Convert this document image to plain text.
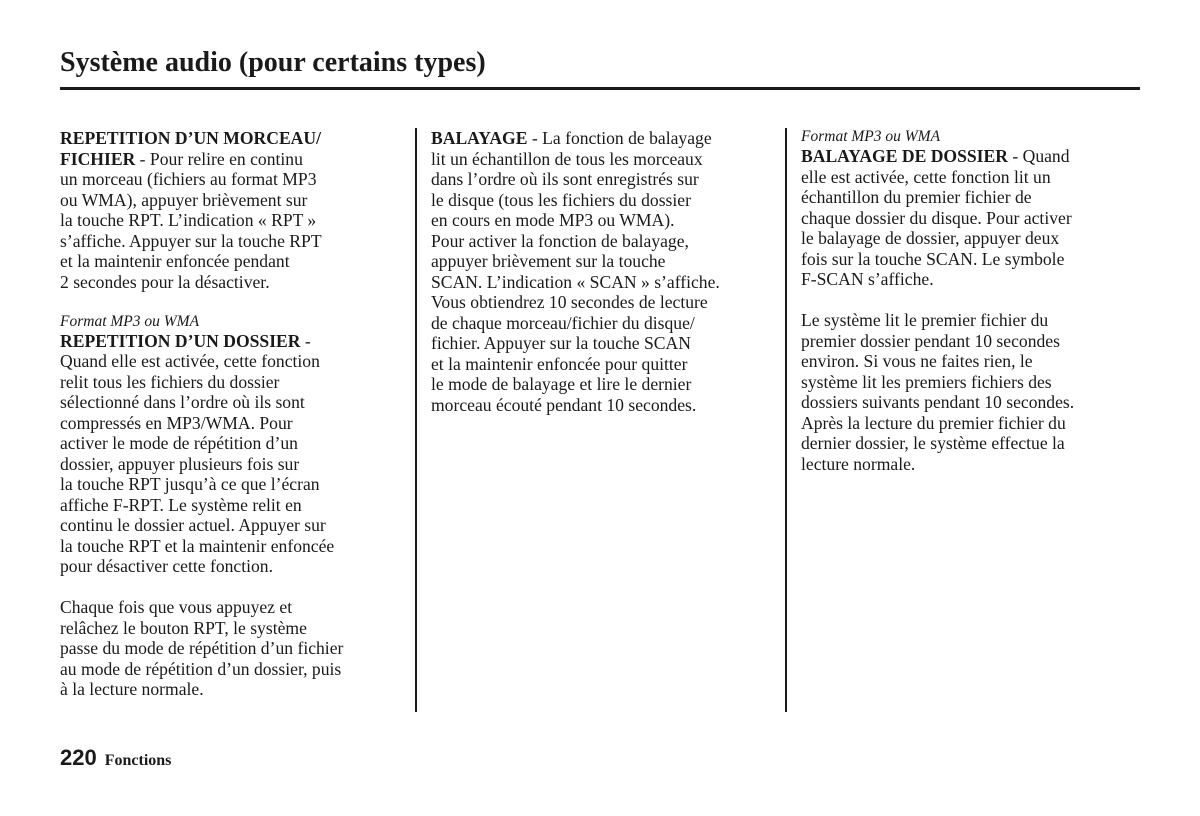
Système audio (pour certains types)
REPETITION D’UN MORCEAU/
FICHIER - Pour relire en continu
un morceau (fichiers au format MP3
ou WMA), appuyer brièvement sur
la touche RPT. L’indication « RPT »
s’affiche. Appuyer sur la touche RPT
et la maintenir enfoncée pendant
2 secondes pour la désactiver.
Format MP3 ou WMA
REPETITION D’UN DOSSIER -
Quand elle est activée, cette fonction
relit tous les fichiers du dossier
sélectionné dans l’ordre où ils sont
compressés en MP3/WMA. Pour
activer le mode de répétition d’un
dossier, appuyer plusieurs fois sur
la touche RPT jusqu’à ce que l’écran
affiche F-RPT. Le système relit en
continu le dossier actuel. Appuyer sur
la touche RPT et la maintenir enfoncée
pour désactiver cette fonction.
Chaque fois que vous appuyez et
relâchez le bouton RPT, le système
passe du mode de répétition d’un fichier
au mode de répétition d’un dossier, puis
à la lecture normale.
BALAYAGE - La fonction de balayage
lit un échantillon de tous les morceaux
dans l’ordre où ils sont enregistrés sur
le disque (tous les fichiers du dossier
en cours en mode MP3 ou WMA).
Pour activer la fonction de balayage,
appuyer brièvement sur la touche
SCAN. L’indication « SCAN » s’affiche.
Vous obtiendrez 10 secondes de lecture
de chaque morceau/fichier du disque/
fichier. Appuyer sur la touche SCAN
et la maintenir enfoncée pour quitter
le mode de balayage et lire le dernier
morceau écouté pendant 10 secondes.
Format MP3 ou WMA
BALAYAGE DE DOSSIER - Quand
elle est activée, cette fonction lit un
échantillon du premier fichier de
chaque dossier du disque. Pour activer
le balayage de dossier, appuyer deux
fois sur la touche SCAN. Le symbole
F-SCAN s’affiche.
Le système lit le premier fichier du
premier dossier pendant 10 secondes
environ. Si vous ne faites rien, le
système lit les premiers fichiers des
dossiers suivants pendant 10 secondes.
Après la lecture du premier fichier du
dernier dossier, le système effectue la
lecture normale.
220 Fonctions
